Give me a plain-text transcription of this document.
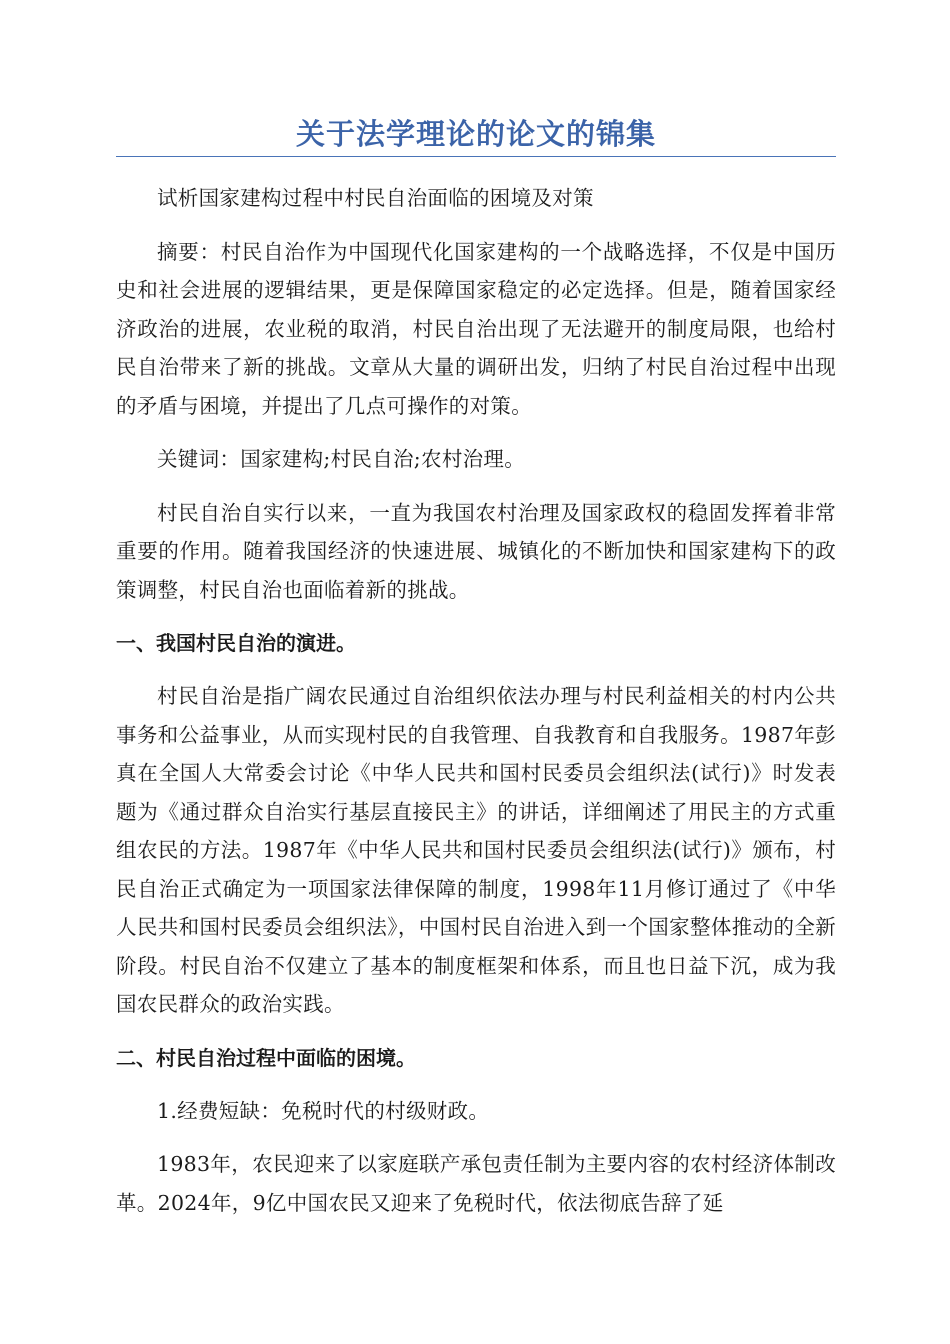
关于法学理论的论文的锦集

试析国家建构过程中村民自治面临的困境及对策

摘要：村民自治作为中国现代化国家建构的一个战略选择，不仅是中国历史和社会进展的逻辑结果，更是保障国家稳定的必定选择。但是，随着国家经济政治的进展，农业税的取消，村民自治出现了无法避开的制度局限，也给村民自治带来了新的挑战。文章从大量的调研出发，归纳了村民自治过程中出现的矛盾与困境，并提出了几点可操作的对策。

关键词：国家建构;村民自治;农村治理。

村民自治自实行以来，一直为我国农村治理及国家政权的稳固发挥着非常重要的作用。随着我国经济的快速进展、城镇化的不断加快和国家建构下的政策调整，村民自治也面临着新的挑战。

一、我国村民自治的演进。

村民自治是指广阔农民通过自治组织依法办理与村民利益相关的村内公共事务和公益事业，从而实现村民的自我管理、自我教育和自我服务。1987年彭真在全国人大常委会讨论《中华人民共和国村民委员会组织法(试行)》时发表题为《通过群众自治实行基层直接民主》的讲话，详细阐述了用民主的方式重组农民的方法。1987年《中华人民共和国村民委员会组织法(试行)》颁布，村民自治正式确定为一项国家法律保障的制度，1998年11月修订通过了《中华人民共和国村民委员会组织法》，中国村民自治进入到一个国家整体推动的全新阶段。村民自治不仅建立了基本的制度框架和体系，而且也日益下沉，成为我国农民群众的政治实践。

二、村民自治过程中面临的困境。

1.经费短缺：免税时代的村级财政。

1983年，农民迎来了以家庭联产承包责任制为主要内容的农村经济体制改革。2024年，9亿中国农民又迎来了免税时代，依法彻底告辞了延
